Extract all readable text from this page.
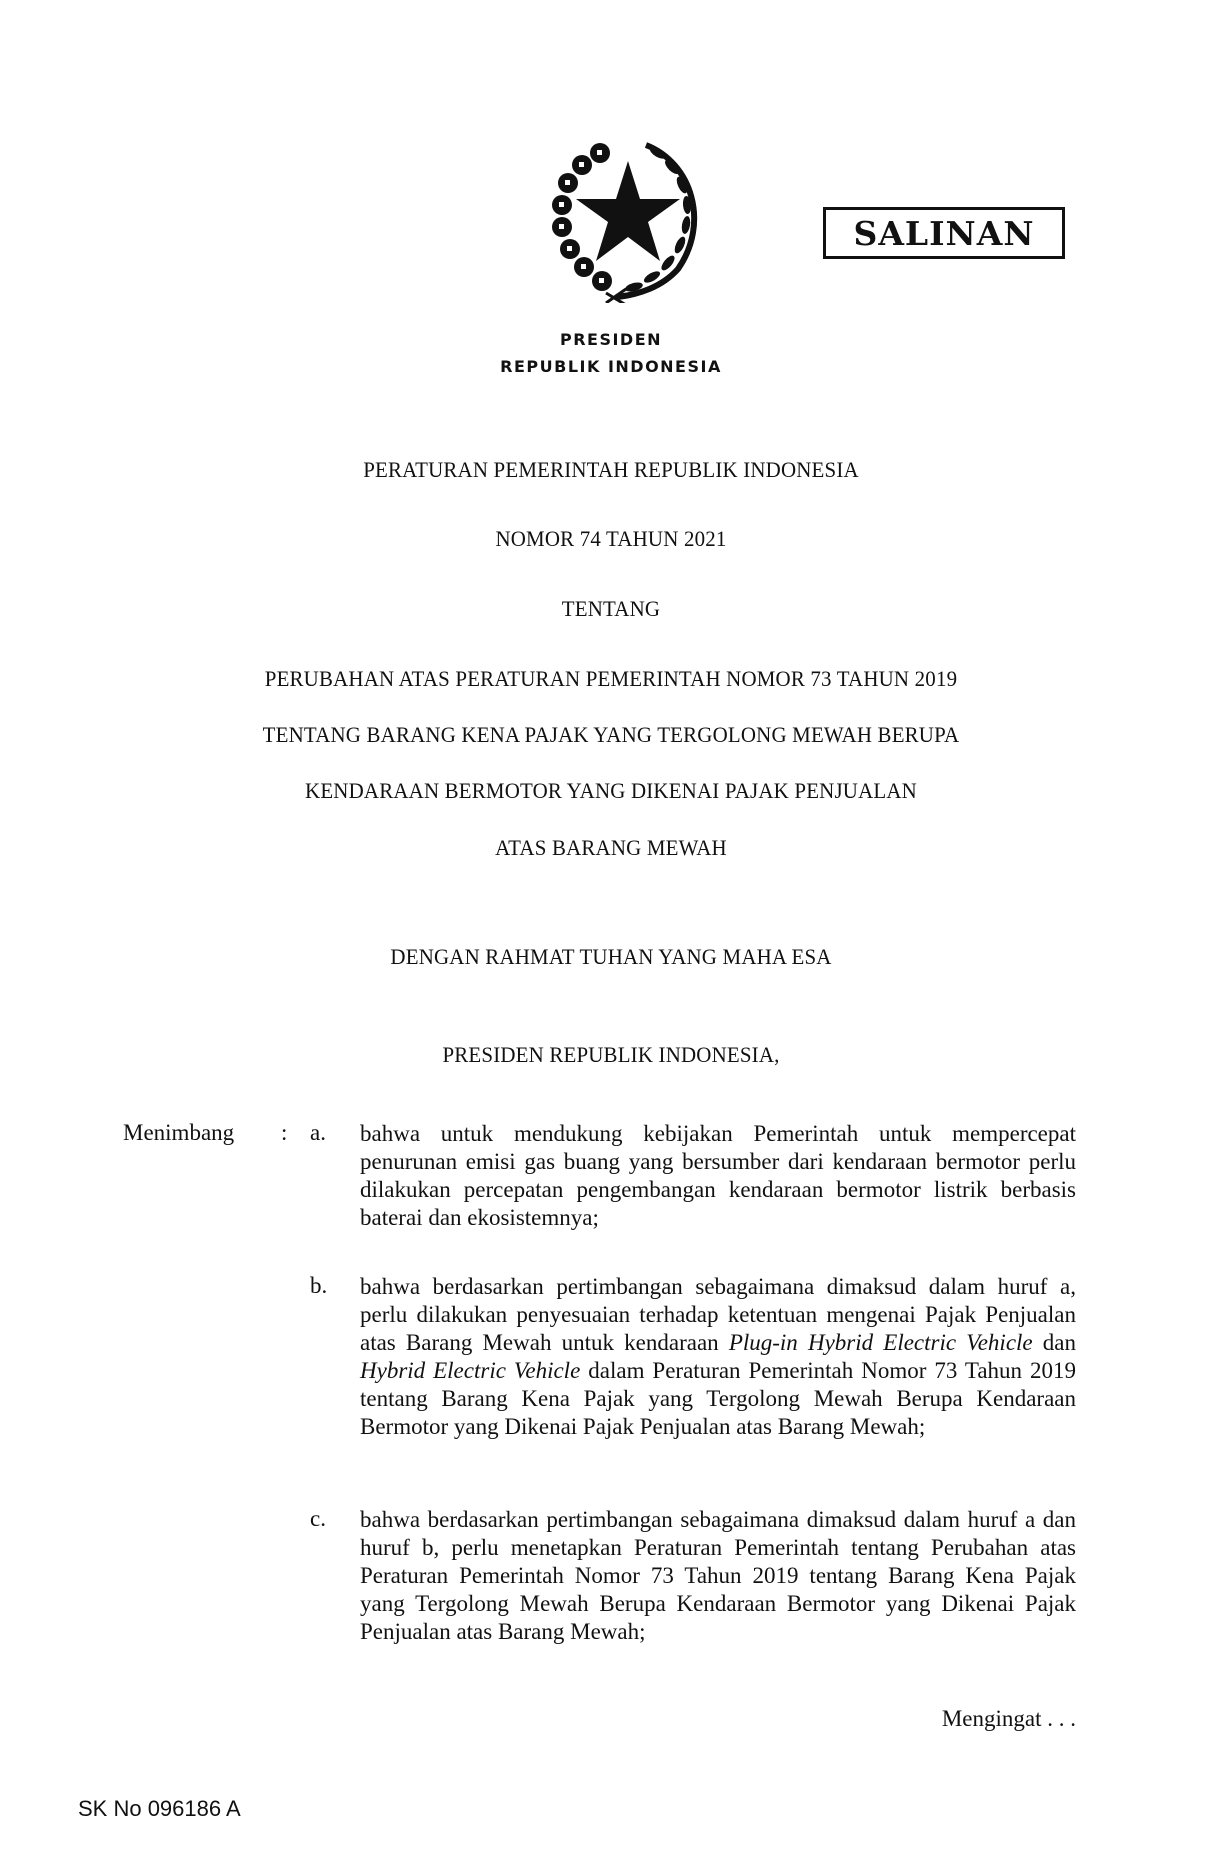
SALINAN
PRESIDEN
REPUBLIK INDONESIA
PERATURAN PEMERINTAH REPUBLIK INDONESIA
NOMOR 74 TAHUN 2021
TENTANG
PERUBAHAN ATAS PERATURAN PEMERINTAH NOMOR 73 TAHUN 2019
TENTANG BARANG KENA PAJAK YANG TERGOLONG MEWAH BERUPA
KENDARAAN BERMOTOR YANG DIKENAI PAJAK PENJUALAN
ATAS BARANG MEWAH
DENGAN RAHMAT TUHAN YANG MAHA ESA
PRESIDEN REPUBLIK INDONESIA,
Menimbang : a. bahwa untuk mendukung kebijakan Pemerintah untuk mempercepat penurunan emisi gas buang yang bersumber dari kendaraan bermotor perlu dilakukan percepatan pengembangan kendaraan bermotor listrik berbasis baterai dan ekosistemnya;
b. bahwa berdasarkan pertimbangan sebagaimana dimaksud dalam huruf a, perlu dilakukan penyesuaian terhadap ketentuan mengenai Pajak Penjualan atas Barang Mewah untuk kendaraan Plug-in Hybrid Electric Vehicle dan Hybrid Electric Vehicle dalam Peraturan Pemerintah Nomor 73 Tahun 2019 tentang Barang Kena Pajak yang Tergolong Mewah Berupa Kendaraan Bermotor yang Dikenai Pajak Penjualan atas Barang Mewah;
c. bahwa berdasarkan pertimbangan sebagaimana dimaksud dalam huruf a dan huruf b, perlu menetapkan Peraturan Pemerintah tentang Perubahan atas Peraturan Pemerintah Nomor 73 Tahun 2019 tentang Barang Kena Pajak yang Tergolong Mewah Berupa Kendaraan Bermotor yang Dikenai Pajak Penjualan atas Barang Mewah;
Mengingat . . .
SK No 096186 A
